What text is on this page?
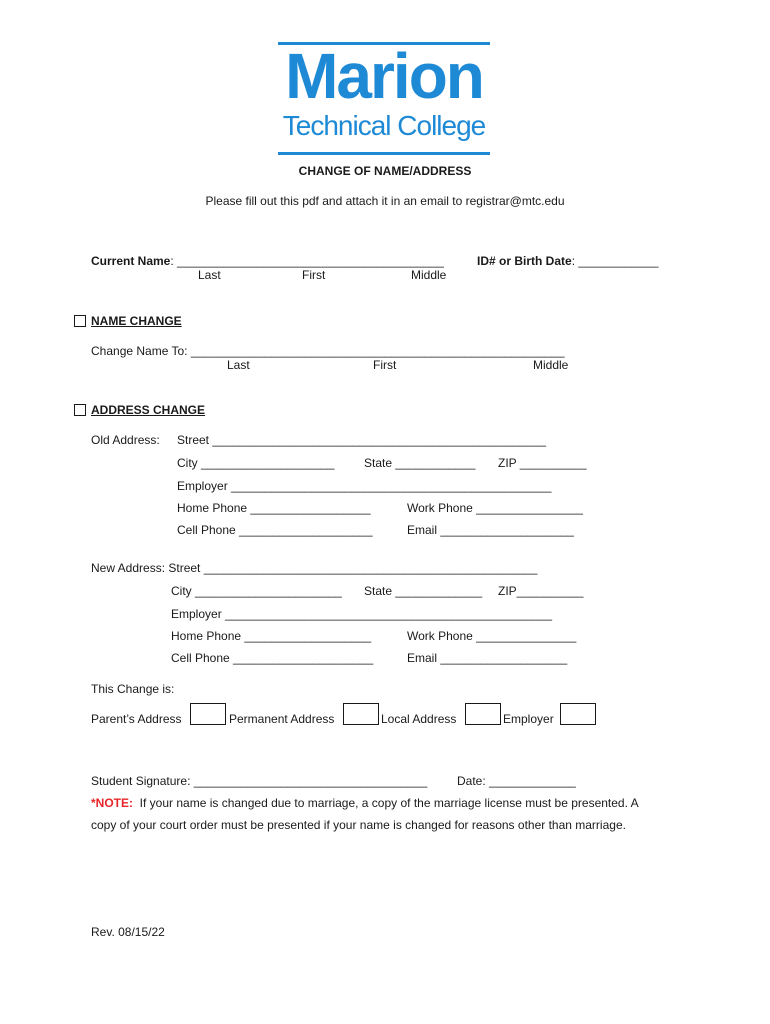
Marion
Technical College
CHANGE OF NAME/ADDRESS
Please fill out this pdf and attach it in an email to registrar@mtc.edu
Current Name: ________________________________________
Last	First	Middle
ID# or Birth Date: ____________
NAME CHANGE
Change Name To: ________________________________________________________
Last	First	Middle
ADDRESS CHANGE
Old Address: Street __________________________________________________
City ____________________ State ____________ ZIP __________
Employer ________________________________________________
Home Phone __________________	Work Phone ________________
Cell Phone ____________________	Email ____________________
New Address: Street __________________________________________________
City ______________________ State _____________ ZIP__________
Employer _________________________________________________
Home Phone ___________________	Work Phone _______________
Cell Phone _____________________	Email ___________________
This Change is:
Parent’s Address	Permanent Address	Local Address	Employer
Student Signature: ___________________________________ Date: _____________
*NOTE: If your name is changed due to marriage, a copy of the marriage license must be presented. A
copy of your court order must be presented if your name is changed for reasons other than marriage.
Rev. 08/15/22
